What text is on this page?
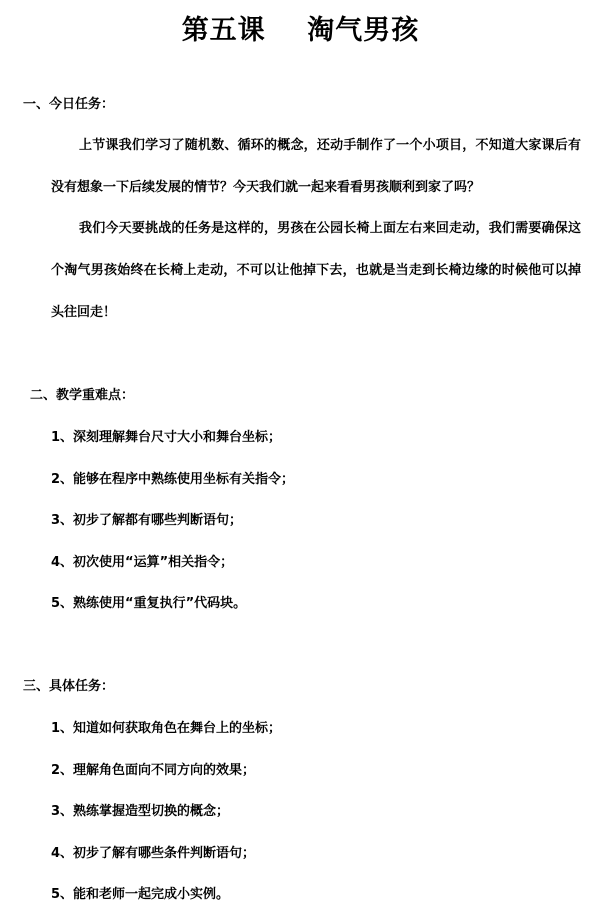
第五课    淘气男孩
一、今日任务：
上节课我们学习了随机数、循环的概念，还动手制作了一个小项目，不知道大家课后有没有想象一下后续发展的情节？今天我们就一起来看看男孩顺利到家了吗？
我们今天要挑战的任务是这样的，男孩在公园长椅上面左右来回走动，我们需要确保这个淘气男孩始终在长椅上走动，不可以让他掉下去，也就是当走到长椅边缘的时候他可以掉头往回走！
二、教学重难点：
1、深刻理解舞台尺寸大小和舞台坐标；
2、能够在程序中熟练使用坐标有关指令；
3、初步了解都有哪些判断语句；
4、初次使用“运算”相关指令；
5、熟练使用“重复执行”代码块。
三、具体任务：
1、知道如何获取角色在舞台上的坐标；
2、理解角色面向不同方向的效果；
3、熟练掌握造型切换的概念；
4、初步了解有哪些条件判断语句；
5、能和老师一起完成小实例。
